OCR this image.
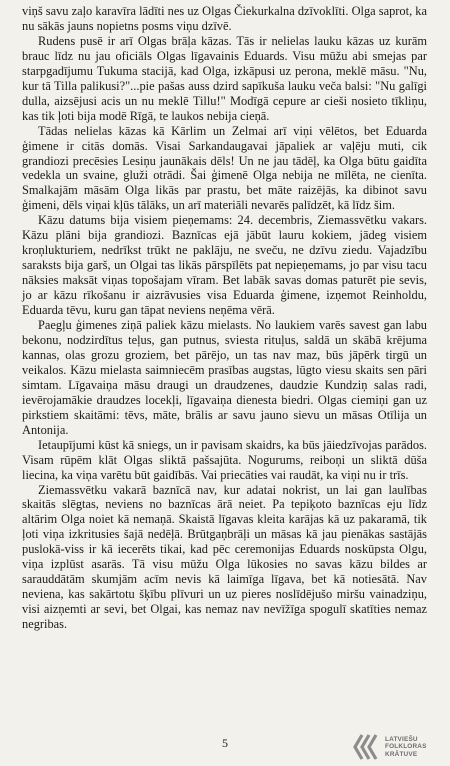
viņš savu zaļo karavīra lādīti nes uz Olgas Čiekurkalna dzīvoklīti. Olga saprot, ka nu sākās jauns nopietns posms viņu dzīvē.

Rudens pusē ir arī Olgas brāļa kāzas. Tās ir nelielas lauku kāzas uz kurām brauc līdz nu jau oficiāls Olgas līgavainis Eduards. Visu mūžu abi smejas par starpgadījumu Tukuma stacijā, kad Olga, izkāpusi uz perona, meklē māsu. "Nu, kur tā Tilla palikusi?"...pie pašas auss dzird sapīkuša lauku veča balsi: "Nu galīgi dulla, aizsējusi acis un nu meklē Tillu!" Modīgā cepure ar cieši nosieto tīkliņu, kas tik ļoti bija modē Rīgā, te laukos nebija cieņā.

Tādas nelielas kāzas kā Kārlim un Zelmai arī viņi vēlētos, bet Eduarda ģimene ir citās domās. Visai Sarkandaugavai jāpaliek ar vaļēju muti, cik grandiozi precēsies Lesiņu jaunākais dēls! Un ne jau tādēļ, ka Olga būtu gaidīta vedekla un svaine, gluži otrādi. Šai ģimenē Olga nebija ne mīlēta, ne cienīta. Smalkajām māsām Olga likās par prastu, bet māte raizējās, ka dibinot savu ģimeni, dēls viņai kļūs tālāks, un arī materiāli nevarēs palīdzēt, kā līdz šim.

Kāzu datums bija visiem pieņemams: 24. decembris, Ziemassvētku vakars. Kāzu plāni bija grandiozi. Baznīcas ejā jābūt lauru kokiem, jādeg visiem kroņlukturiem, nedrīkst trūkt ne paklāju, ne sveču, ne dzīvu ziedu. Vajadzību saraksts bija garš, un Olgai tas likās pārspīlēts pat nepieņemams, jo par visu tacu nāksies maksāt viņas topošajam vīram. Bet labāk savas domas paturēt pie sevis, jo ar kāzu rīkošanu ir aizrāvusies visa Eduarda ģimene, izņemot Reinholdu, Eduarda tēvu, kuru gan tāpat neviens neņēma vērā.

Paegļu ģimenes ziņā paliek kāzu mielasts. No laukiem varēs savest gan labu bekonu, nodzirdītus teļus, gan putnus, sviesta rituļus, saldā un skābā krējuma kannas, olas grozu groziem, bet pārējo, un tas nav maz, būs jāpērk tirgū un veikalos. Kāzu mielasta saimniecēm prasības augstas, lūgto viesu skaits sen pāri simtam. Līgavaiņa māsu draugi un draudzenes, daudzie Kundziņ salas radi, ievērojamākie draudzes locekļi, līgavaiņa dienesta biedri. Olgas ciemiņi gan uz pirkstiem skaitāmi: tēvs, māte, brālis ar savu jauno sievu un māsas Otīlija un Antonija.

Ietaupījumi kūst kā sniegs, un ir pavisam skaidrs, ka būs jāiedzīvojas parādos. Visam rūpēm klāt Olgas sliktā pašsajūta. Nogurums, reiboņi un sliktā dūša liecina, ka viņa varētu būt gaidībās. Vai priecāties vai raudāt, ka viņi nu ir trīs.

Ziemassvētku vakarā baznīcā nav, kur adatai nokrist, un lai gan laulības skaitās slēgtas, neviens no baznīcas ārā neiet. Pa tepiķoto baznīcas eju līdz altārim Olga noiet kā nemaņā. Skaistā līgavas kleita karājas kā uz pakaramā, tik ļoti viņa izkritusies šajā nedēļā. Brūtgaņbrāļi un māsas kā jau pienākas sastājās puslokā-viss ir kā iecerēts tikai, kad pēc ceremonijas Eduards noskūpsta Olgu, viņa izplūst asarās. Tā visu mūžu Olga lūkosies no savas kāzu bildes ar sarauddātām skumjām acīm nevis kā laimīga līgava, bet kā notiesātā. Nav neviena, kas sakārtotu šķību plīvuri un uz pieres noslīdējušo miršu vainadziņu, visi aizņemti ar sevi, bet Olgai, kas nemaz nav nevīžīga spogulī skatīties nemaz negribas.

5	LATVIEŠU
FOLKLORAS
KRĀTUVE
